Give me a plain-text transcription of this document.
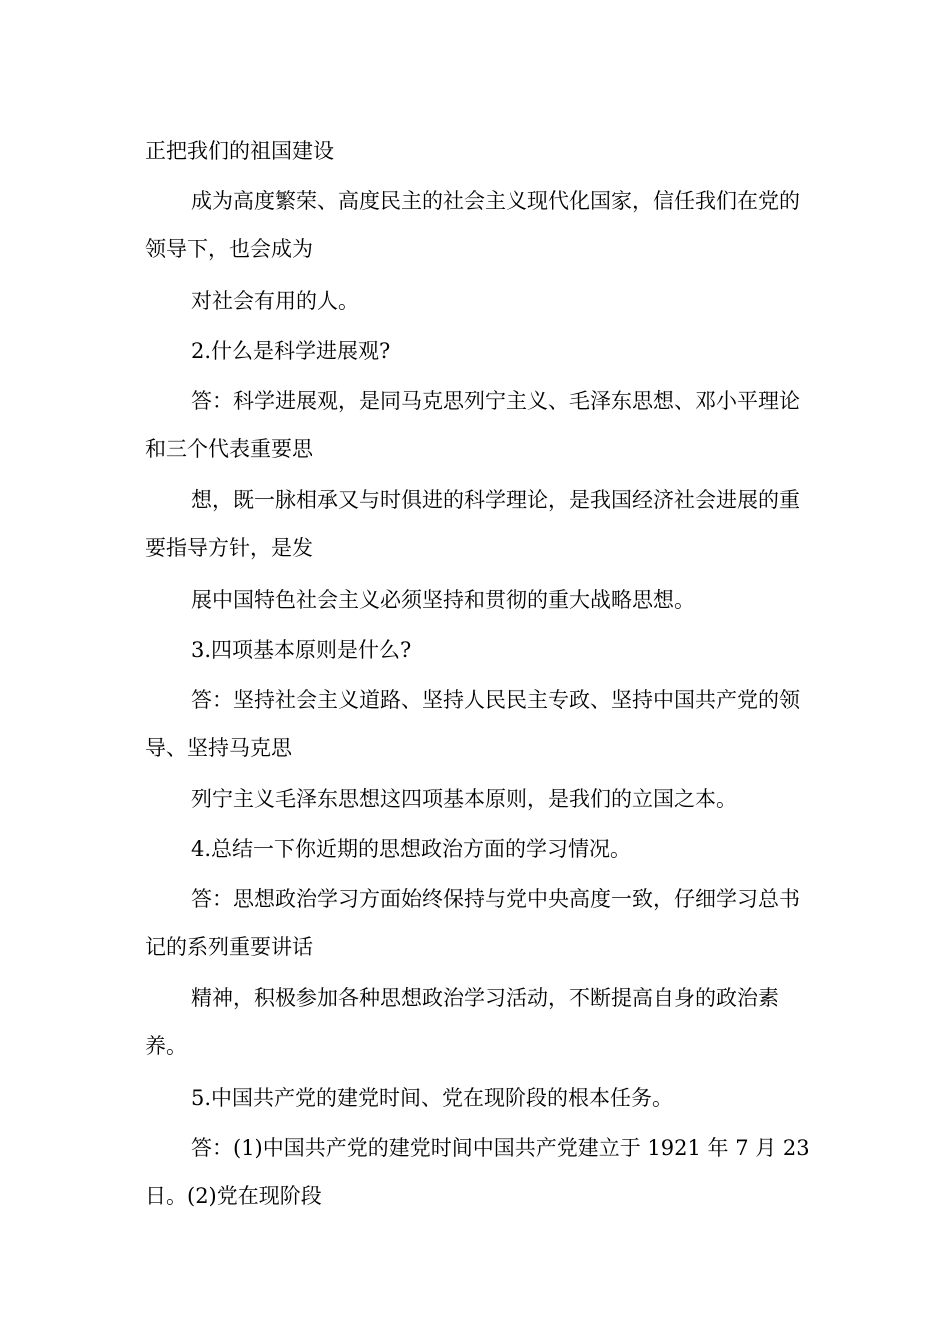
正把我们的祖国建设

成为高度繁荣、高度民主的社会主义现代化国家，信任我们在党的领导下，也会成为

对社会有用的人。

2.什么是科学进展观?

答：科学进展观，是同马克思列宁主义、毛泽东思想、邓小平理论和三个代表重要思

想，既一脉相承又与时俱进的科学理论，是我国经济社会进展的重要指导方针，是发

展中国特色社会主义必须坚持和贯彻的重大战略思想。

3.四项基本原则是什么?

答：坚持社会主义道路、坚持人民民主专政、坚持中国共产党的领导、坚持马克思

列宁主义毛泽东思想这四项基本原则，是我们的立国之本。

4.总结一下你近期的思想政治方面的学习情况。

答：思想政治学习方面始终保持与党中央高度一致，仔细学习总书记的系列重要讲话

精神，积极参加各种思想政治学习活动，不断提高自身的政治素养。

5.中国共产党的建党时间、党在现阶段的根本任务。

答：(1)中国共产党的建党时间中国共产党建立于 1921 年 7 月 23 日。(2)党在现阶段
